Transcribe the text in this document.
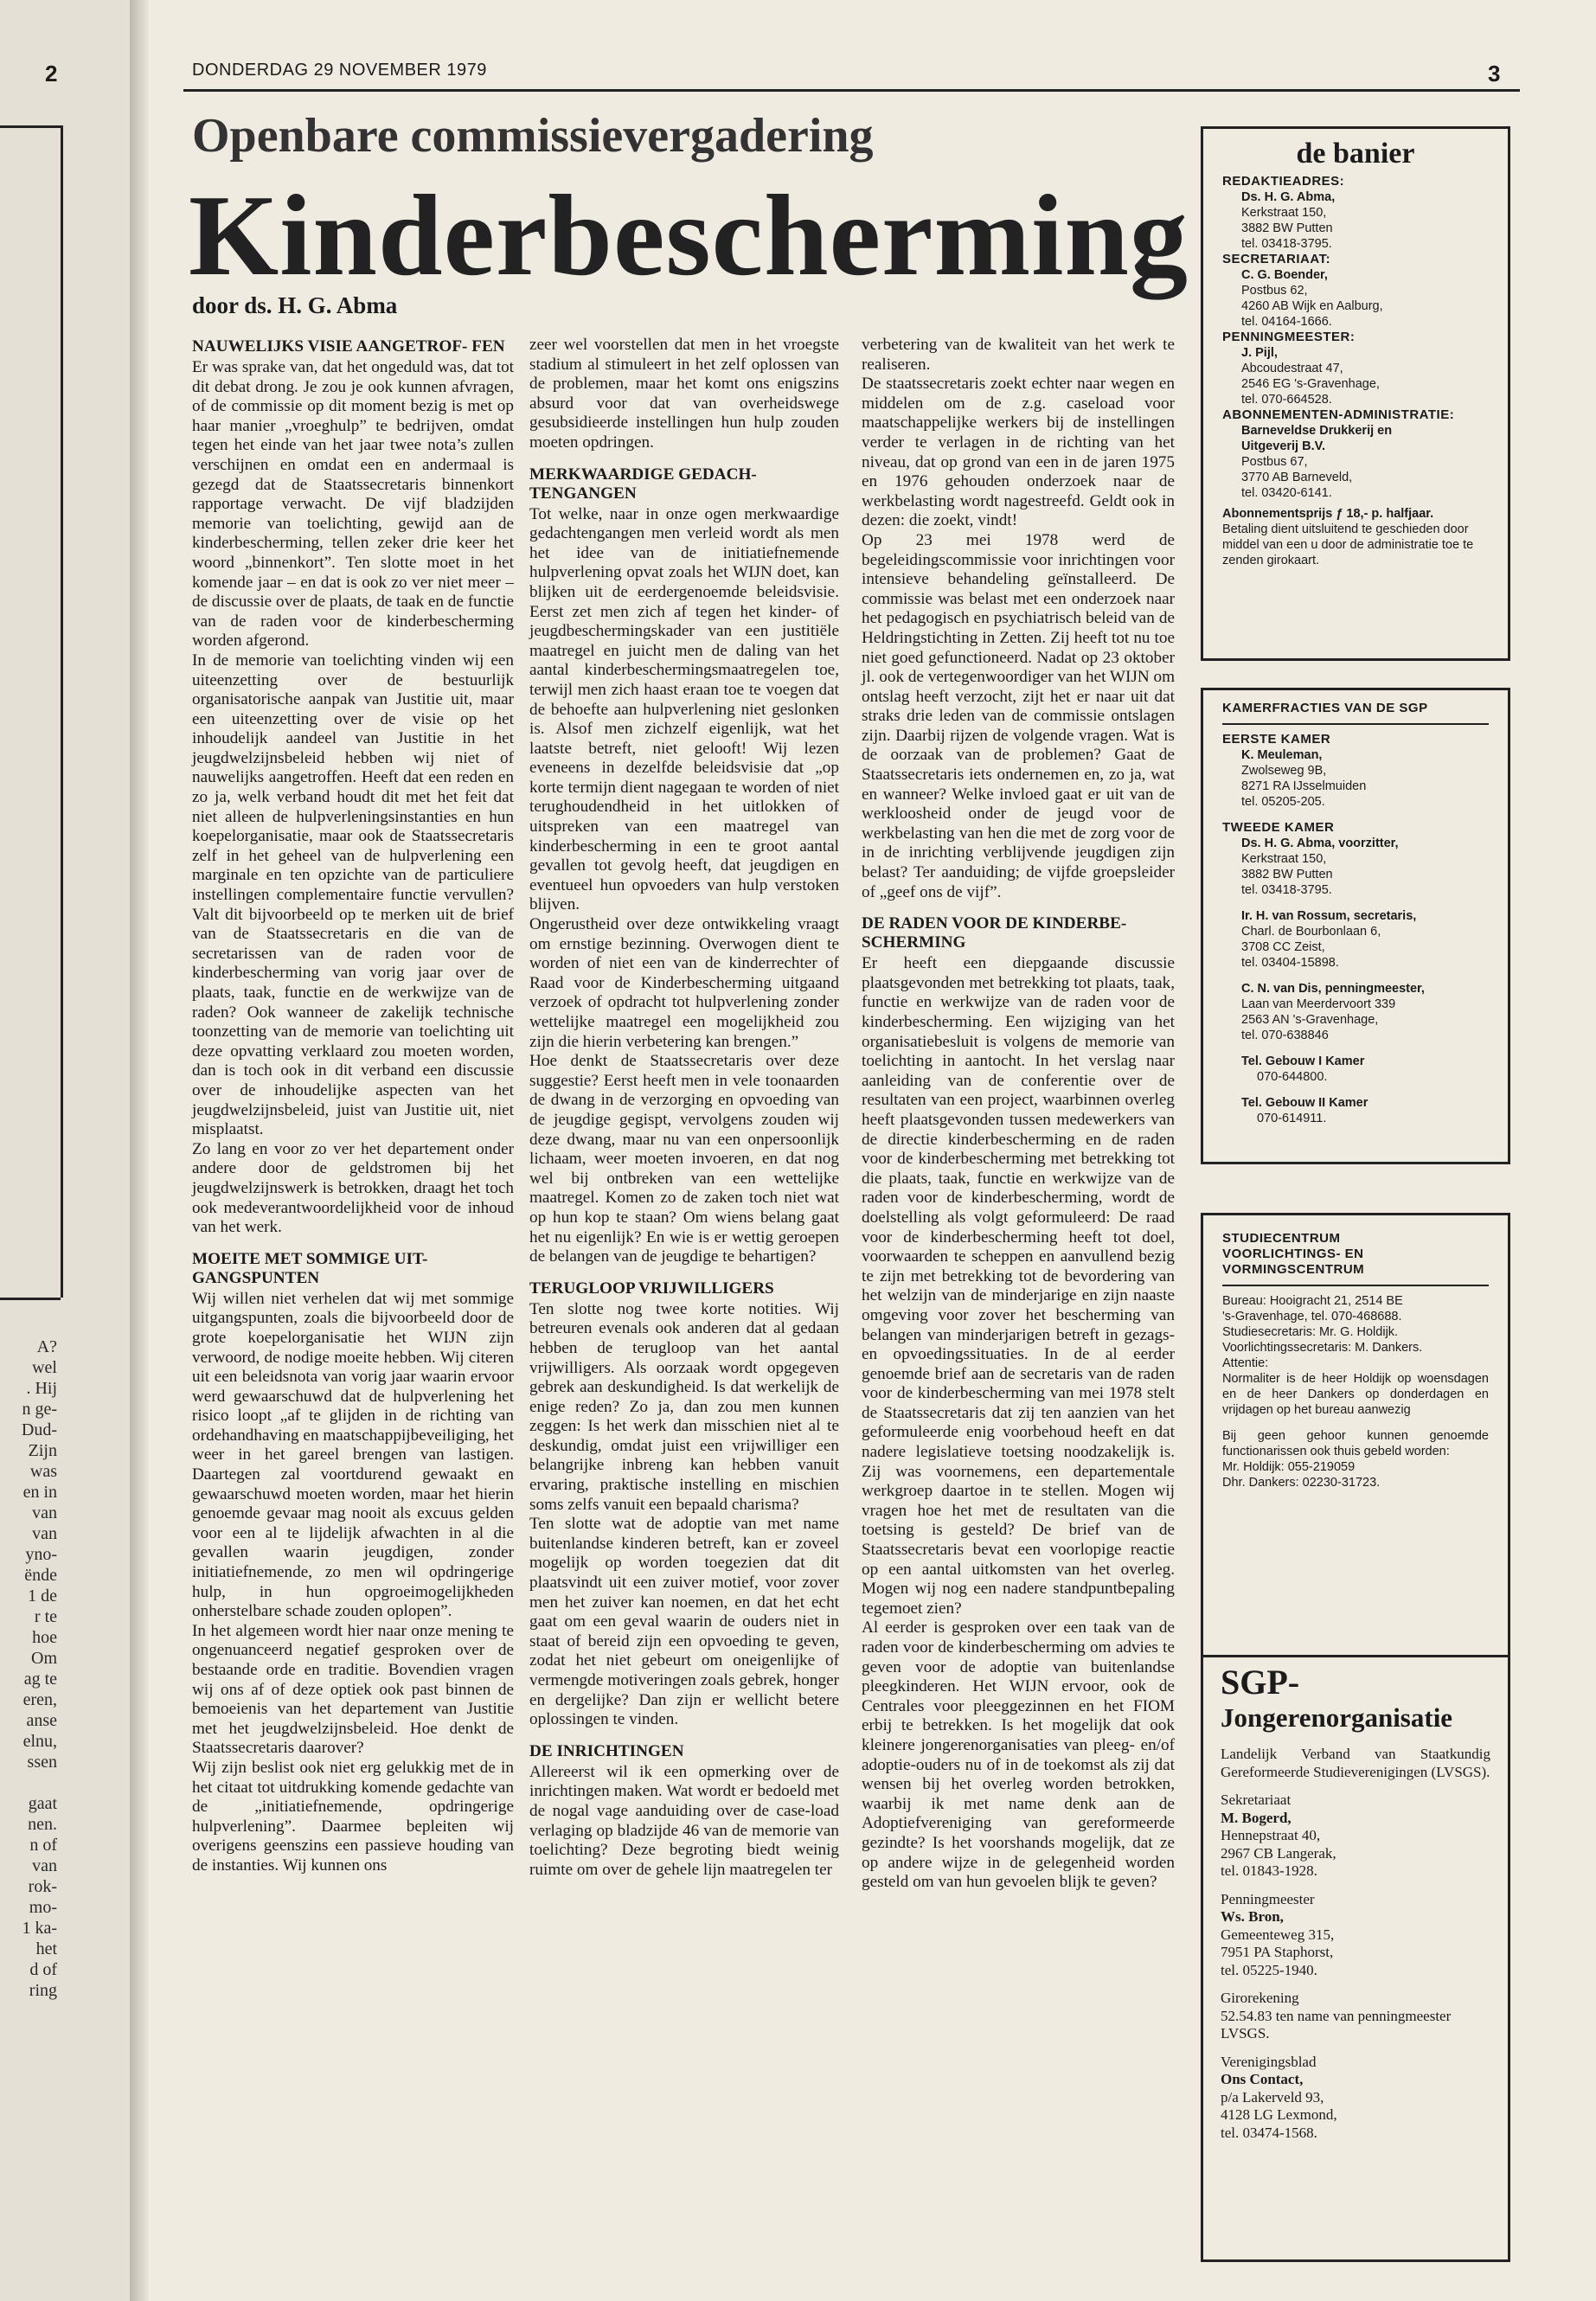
2
A?
wel
. Hij
n ge-
Dud-
Zijn
was
en in
van
van
yno-
ënde
1 de
r te
hoe
Om
ag te
eren,
anse
elnu,
ssen

gaat
nen.
n of
van
rok-
mo-
1 ka-
het
d of
ring
DONDERDAG 29 NOVEMBER 1979	3
Openbare commissievergadering
Kinderbescherming
door ds. H. G. Abma
NAUWELIJKS VISIE AANGETROF- FEN

Er was sprake van, dat het ongeduld was, dat tot dit debat drong. Je zou je ook kunnen afvragen, of de commissie op dit moment bezig is met op haar manier „vroeghulp” te bedrijven, omdat tegen het einde van het jaar twee nota’s zullen verschijnen en omdat een en andermaal is gezegd dat de Staatssecretaris binnenkort rapportage verwacht. De vijf bladzijden memorie van toelichting, gewijd aan de kinderbescherming, tellen zeker drie keer het woord „binnenkort”. Ten slotte moet in het komende jaar – en dat is ook zo ver niet meer – de discussie over de plaats, de taak en de functie van de raden voor de kinderbescherming worden afgerond.

In de memorie van toelichting vinden wij een uiteenzetting over de bestuurlijk organisatorische aanpak van Justitie uit, maar een uiteenzetting over de visie op het inhoudelijk aandeel van Justitie in het jeugdwelzijnsbeleid hebben wij niet of nauwelijks aangetroffen. Heeft dat een reden en zo ja, welk verband houdt dit met het feit dat niet alleen de hulpverleningsinstanties en hun koepelorganisatie, maar ook de Staatssecretaris zelf in het geheel van de hulpverlening een marginale en ten opzichte van de particuliere instellingen complementaire functie vervullen? Valt dit bijvoorbeeld op te merken uit de brief van de Staatssecretaris en die van de secretarissen van de raden voor de kinderbescherming van vorig jaar over de plaats, taak, functie en de werkwijze van de raden? Ook wanneer de zakelijk technische toonzetting van de memorie van toelichting uit deze opvatting verklaard zou moeten worden, dan is toch ook in dit verband een discussie over de inhoudelijke aspecten van het jeugdwelzijnsbeleid, juist van Justitie uit, niet misplaatst.

Zo lang en voor zo ver het departement onder andere door de geldstromen bij het jeugdwelzijnswerk is betrokken, draagt het toch ook medeverantwoordelijkheid voor de inhoud van het werk.

MOEITE MET SOMMIGE UIT- GANGSPUNTEN

Wij willen niet verhelen dat wij met sommige uitgangspunten, zoals die bijvoorbeeld door de grote koepelorganisatie het WIJN zijn verwoord, de nodige moeite hebben. Wij citeren uit een beleidsnota van vorig jaar waarin ervoor werd gewaarschuwd dat de hulpverlening het risico loopt „af te glijden in de richting van ordehandhaving en maatschappijbeveiliging, het weer in het gareel brengen van lastigen. Daartegen zal voortdurend gewaakt en gewaarschuwd moeten worden, maar het hierin genoemde gevaar mag nooit als excuus gelden voor een al te lijdelijk afwachten in al die gevallen waarin jeugdigen, zonder initiatiefnemende, zo men wil opdringerige hulp, in hun opgroeimogelijkheden onherstelbare schade zouden oplopen”.

In het algemeen wordt hier naar onze mening te ongenuanceerd negatief gesproken over de bestaande orde en traditie. Bovendien vragen wij ons af of deze optiek ook past binnen de bemoeienis van het departement van Justitie met het jeugdwelzijnsbeleid. Hoe denkt de Staatssecretaris daarover?

Wij zijn beslist ook niet erg gelukkig met de in het citaat tot uitdrukking komende gedachte van de „initiatiefnemende, opdringerige hulpverlening”. Daarmee bepleiten wij overigens geenszins een passieve houding van de instanties. Wij kunnen ons

zeer wel voorstellen dat men in het vroegste stadium al stimuleert in het zelf oplossen van de problemen, maar het komt ons enigszins absurd voor dat van overheidswege gesubsidieerde instellingen hun hulp zouden moeten opdringen.

MERKWAARDIGE GEDACH- TENGANGEN

Tot welke, naar in onze ogen merkwaardige gedachtengangen men verleid wordt als men het idee van de initiatiefnemende hulpverlening opvat zoals het WIJN doet, kan blijken uit de eerdergenoemde beleidsvisie. Eerst zet men zich af tegen het kinder- of jeugdbeschermingskader van een justitiële maatregel en juicht men de daling van het aantal kinderbeschermingsmaatregelen toe, terwijl men zich haast eraan toe te voegen dat de behoefte aan hulpverlening niet geslonken is. Alsof men zichzelf eigenlijk, wat het laatste betreft, niet gelooft! Wij lezen eveneens in dezelfde beleidsvisie dat „op korte termijn dient nagegaan te worden of niet terughoudendheid in het uitlokken of uitspreken van een maatregel van kinderbescherming in een te groot aantal gevallen tot gevolg heeft, dat jeugdigen en eventueel hun opvoeders van hulp verstoken blijven.

Ongerustheid over deze ontwikkeling vraagt om ernstige bezinning. Overwogen dient te worden of niet een van de kinderrechter of Raad voor de Kinderbescherming uitgaand verzoek of opdracht tot hulpverlening zonder wettelijke maatregel een mogelijkheid zou zijn die hierin verbetering kan brengen.”

Hoe denkt de Staatssecretaris over deze suggestie? Eerst heeft men in vele toonaarden de dwang in de verzorging en opvoeding van de jeugdige gegispt, vervolgens zouden wij deze dwang, maar nu van een onpersoonlijk lichaam, weer moeten invoeren, en dat nog wel bij ontbreken van een wettelijke maatregel. Komen zo de zaken toch niet wat op hun kop te staan? Om wiens belang gaat het nu eigenlijk? En wie is er wettig geroepen de belangen van de jeugdige te behartigen?

TERUGLOOP VRIJWILLIGERS

Ten slotte nog twee korte notities. Wij betreuren evenals ook anderen dat al gedaan hebben de terugloop van het aantal vrijwilligers. Als oorzaak wordt opgegeven gebrek aan deskundigheid. Is dat werkelijk de enige reden? Zo ja, dan zou men kunnen zeggen: Is het werk dan misschien niet al te deskundig, omdat juist een vrijwilliger een belangrijke inbreng kan hebben vanuit ervaring, praktische instelling en mischien soms zelfs vanuit een bepaald charisma?

Ten slotte wat de adoptie van met name buitenlandse kinderen betreft, kan er zoveel mogelijk op worden toegezien dat dit plaatsvindt uit een zuiver motief, voor zover men het zuiver kan noemen, en dat het echt gaat om een geval waarin de ouders niet in staat of bereid zijn een opvoeding te geven, zodat het niet gebeurt om oneigenlijke of vermengde motiveringen zoals gebrek, honger en dergelijke? Dan zijn er wellicht betere oplossingen te vinden.

DE INRICHTINGEN

Allereerst wil ik een opmerking over de inrichtingen maken. Wat wordt er bedoeld met de nogal vage aanduiding over de case-load verlaging op bladzijde 46 van de memorie van toelichting? Deze begroting biedt weinig ruimte om over de gehele lijn maatregelen ter

verbetering van de kwaliteit van het werk te realiseren.

De staatssecretaris zoekt echter naar wegen en middelen om de z.g. caseload voor maatschappelijke werkers bij de instellingen verder te verlagen in de richting van het niveau, dat op grond van een in de jaren 1975 en 1976 gehouden onderzoek naar de werkbelasting wordt nagestreefd. Geldt ook in dezen: die zoekt, vindt!

Op 23 mei 1978 werd de begeleidingscommissie voor inrichtingen voor intensieve behandeling geïnstalleerd. De commissie was belast met een onderzoek naar het pedagogisch en psychiatrisch beleid van de Heldringstichting in Zetten. Zij heeft tot nu toe niet goed gefunctioneerd. Nadat op 23 oktober jl. ook de vertegenwoordiger van het WIJN om ontslag heeft verzocht, zijt het er naar uit dat straks drie leden van de commissie ontslagen zijn. Daarbij rijzen de volgende vragen. Wat is de oorzaak van de problemen? Gaat de Staatssecretaris iets ondernemen en, zo ja, wat en wanneer? Welke invloed gaat er uit van de werkloosheid onder de jeugd voor de werkbelasting van hen die met de zorg voor de in de inrichting verblijvende jeugdigen zijn belast? Ter aanduiding; de vijfde groepsleider of „geef ons de vijf”.

DE RADEN VOOR DE KINDERBE- SCHERMING

Er heeft een diepgaande discussie plaatsgevonden met betrekking tot plaats, taak, functie en werkwijze van de raden voor de kinderbescherming. Een wijziging van het organisatiebesluit is volgens de memorie van toelichting in aantocht. In het verslag naar aanleiding van de conferentie over de resultaten van een project, waarbinnen overleg heeft plaatsgevonden tussen medewerkers van de directie kinderbescherming en de raden voor de kinderbescherming met betrekking tot die plaats, taak, functie en werkwijze van de raden voor de kinderbescherming, wordt de doelstelling als volgt geformuleerd: De raad voor de kinderbescherming heeft tot doel, voorwaarden te scheppen en aanvullend bezig te zijn met betrekking tot de bevordering van het welzijn van de minderjarige en zijn naaste omgeving voor zover het bescherming van belangen van minderjarigen betreft in gezags- en opvoedingssituaties. In de al eerder genoemde brief aan de secretaris van de raden voor de kinderbescherming van mei 1978 stelt de Staatssecretaris dat zij ten aanzien van het geformuleerde enig voorbehoud heeft en dat nadere legislatieve toetsing noodzakelijk is. Zij was voornemens, een departementale werkgroep daartoe in te stellen. Mogen wij vragen hoe het met de resultaten van die toetsing is gesteld? De brief van de Staatssecretaris bevat een voorlopige reactie op een aantal uitkomsten van het overleg. Mogen wij nog een nadere standpuntbepaling tegemoet zien?

Al eerder is gesproken over een taak van de raden voor de kinderbescherming om advies te geven voor de adoptie van buitenlandse pleegkinderen. Het WIJN ervoor, ook de Centrales voor pleeggezinnen en het FIOM erbij te betrekken. Is het mogelijk dat ook kleinere jongerenorganisaties van pleeg- en/of adoptie-ouders nu of in de toekomst als zij dat wensen bij het overleg worden betrokken, waarbij ik met name denk aan de Adoptiefvereniging van gereformeerde gezindte? Is het voorshands mogelijk, dat ze op andere wijze in de gelegenheid worden gesteld om van hun gevoelen blijk te geven?

de banier
REDAKTIEADRES:
Ds. H. G. Abma,
Kerkstraat 150,
3882 BW Putten
tel. 03418-3795.
SECRETARIAAT:
C. G. Boender,
Postbus 62,
4260 AB Wijk en Aalburg,
tel. 04164-1666.
PENNINGMEESTER:
J. Pijl,
Abcoudestraat 47,
2546 EG 's-Gravenhage,
tel. 070-664528.
ABONNEMENTEN-ADMINISTRATIE:
Barneveldse Drukkerij en
Uitgeverij B.V.
Postbus 67,
3770 AB Barneveld,
tel. 03420-6141.
Abonnementsprijs ƒ 18,- p. halfjaar.
Betaling dient uitsluitend te geschieden door middel van een u door de administratie toe te zenden girokaart.
KAMERFRACTIES VAN DE SGP
EERSTE KAMER
K. Meuleman,
Zwolseweg 9B,
8271 RA IJsselmuiden
tel. 05205-205.
TWEEDE KAMER
Ds. H. G. Abma, voorzitter,
Kerkstraat 150,
3882 BW Putten
tel. 03418-3795.
Ir. H. van Rossum, secretaris,
Charl. de Bourbonlaan 6,
3708 CC Zeist,
tel. 03404-15898.
C. N. van Dis, penningmeester,
Laan van Meerdervoort 339
2563 AN 's-Gravenhage,
tel. 070-638846
Tel. Gebouw I Kamer
070-644800.
Tel. Gebouw II Kamer
070-614911.
STUDIECENTRUM
VOORLICHTINGS- EN
VORMINGSCENTRUM
Bureau: Hooigracht 21, 2514 BE
's-Gravenhage, tel. 070-468688.
Studiesecretaris: Mr. G. Holdijk.
Voorlichtingssecretaris: M. Dankers.
Attentie:
Normaliter is de heer Holdijk op woensdagen en de heer Dankers op donderdagen en vrijdagen op het bureau aanwezig
Bij geen gehoor kunnen genoemde functionarissen ook thuis gebeld worden:
Mr. Holdijk: 055-219059
Dhr. Dankers: 02230-31723.
SGP-
Jongerenorganisatie
Landelijk Verband van Staatkundig Gereformeerde Studieverenigingen (LVSGS).
Sekretariaat
M. Bogerd,
Hennepstraat 40,
2967 CB Langerak,
tel. 01843-1928.
Penningmeester
Ws. Bron,
Gemeenteweg 315,
7951 PA Staphorst,
tel. 05225-1940.
Girorekening
52.54.83 ten name van penningmeester LVSGS.
Verenigingsblad
Ons Contact,
p/a Lakerveld 93,
4128 LG Lexmond,
tel. 03474-1568.
